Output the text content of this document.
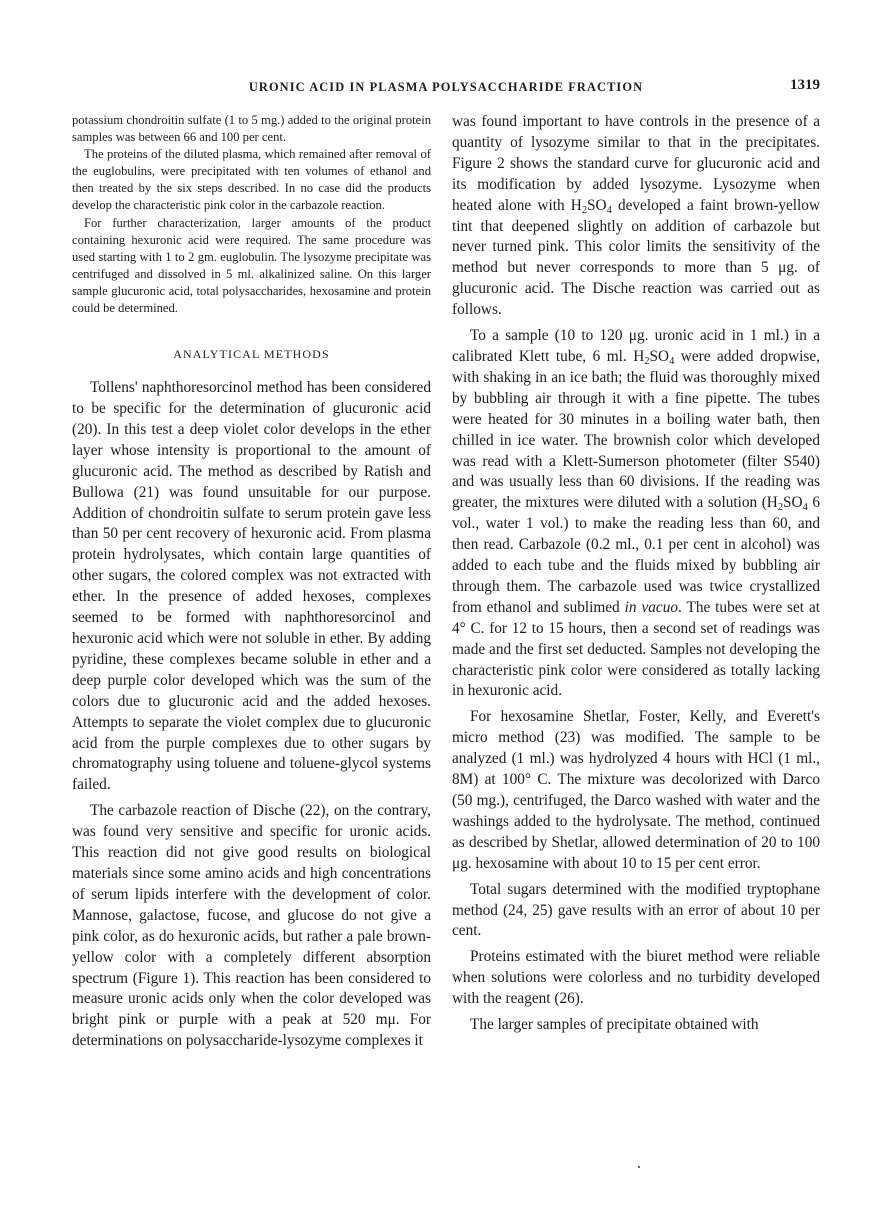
URONIC ACID IN PLASMA POLYSACCHARIDE FRACTION	1319

potassium chondroitin sulfate (1 to 5 mg.) added to the original protein samples was between 66 and 100 per cent.

The proteins of the diluted plasma, which remained after removal of the euglobulins, were precipitated with ten volumes of ethanol and then treated by the six steps described. In no case did the products develop the characteristic pink color in the carbazole reaction.

For further characterization, larger amounts of the product containing hexuronic acid were required. The same procedure was used starting with 1 to 2 gm. euglobulin. The lysozyme precipitate was centrifuged and dissolved in 5 ml. alkalinized saline. On this larger sample glucuronic acid, total polysaccharides, hexosamine and protein could be determined.

ANALYTICAL METHODS

Tollens' naphthoresorcinol method has been considered to be specific for the determination of glucuronic acid (20). In this test a deep violet color develops in the ether layer whose intensity is proportional to the amount of glucuronic acid. The method as described by Ratish and Bullowa (21) was found unsuitable for our purpose. Addition of chondroitin sulfate to serum protein gave less than 50 per cent recovery of hexuronic acid. From plasma protein hydrolysates, which contain large quantities of other sugars, the colored complex was not extracted with ether. In the presence of added hexoses, complexes seemed to be formed with naphthoresorcinol and hexuronic acid which were not soluble in ether. By adding pyridine, these complexes became soluble in ether and a deep purple color developed which was the sum of the colors due to glucuronic acid and the added hexoses. Attempts to separate the violet complex due to glucuronic acid from the purple complexes due to other sugars by chromatography using toluene and toluene-glycol systems failed.

The carbazole reaction of Dische (22), on the contrary, was found very sensitive and specific for uronic acids. This reaction did not give good results on biological materials since some amino acids and high concentrations of serum lipids interfere with the development of color. Mannose, galactose, fucose, and glucose do not give a pink color, as do hexuronic acids, but rather a pale brown-yellow color with a completely different absorption spectrum (Figure 1). This reaction has been considered to measure uronic acids only when the color developed was bright pink or purple with a peak at 520 mμ. For determinations on polysaccharide-lysozyme complexes it

was found important to have controls in the presence of a quantity of lysozyme similar to that in the precipitates. Figure 2 shows the standard curve for glucuronic acid and its modification by added lysozyme. Lysozyme when heated alone with $H_2SO_4$ developed a faint brown-yellow tint that deepened slightly on addition of carbazole but never turned pink. This color limits the sensitivity of the method but never corresponds to more than 5 μg. of glucuronic acid. The Dische reaction was carried out as follows.

To a sample (10 to 120 μg. uronic acid in 1 ml.) in a calibrated Klett tube, 6 ml. $H_2SO_4$ were added dropwise, with shaking in an ice bath; the fluid was thoroughly mixed by bubbling air through it with a fine pipette. The tubes were heated for 30 minutes in a boiling water bath, then chilled in ice water. The brownish color which developed was read with a Klett-Sumerson photometer (filter S540) and was usually less than 60 divisions. If the reading was greater, the mixtures were diluted with a solution ($H_2SO_4$ 6 vol., water 1 vol.) to make the reading less than 60, and then read. Carbazole (0.2 ml., 0.1 per cent in alcohol) was added to each tube and the fluids mixed by bubbling air through them. The carbazole used was twice crystallized from ethanol and sublimed in vacuo. The tubes were set at 4° C. for 12 to 15 hours, then a second set of readings was made and the first set deducted. Samples not developing the characteristic pink color were considered as totally lacking in hexuronic acid.

For hexosamine Shetlar, Foster, Kelly, and Everett's micro method (23) was modified. The sample to be analyzed (1 ml.) was hydrolyzed 4 hours with HCl (1 ml., 8M) at 100° C. The mixture was decolorized with Darco (50 mg.), centrifuged, the Darco washed with water and the washings added to the hydrolysate. The method, continued as described by Shetlar, allowed determination of 20 to 100 μg. hexosamine with about 10 to 15 per cent error.

Total sugars determined with the modified tryptophane method (24, 25) gave results with an error of about 10 per cent.

Proteins estimated with the biuret method were reliable when solutions were colorless and no turbidity developed with the reagent (26).

The larger samples of precipitate obtained with
